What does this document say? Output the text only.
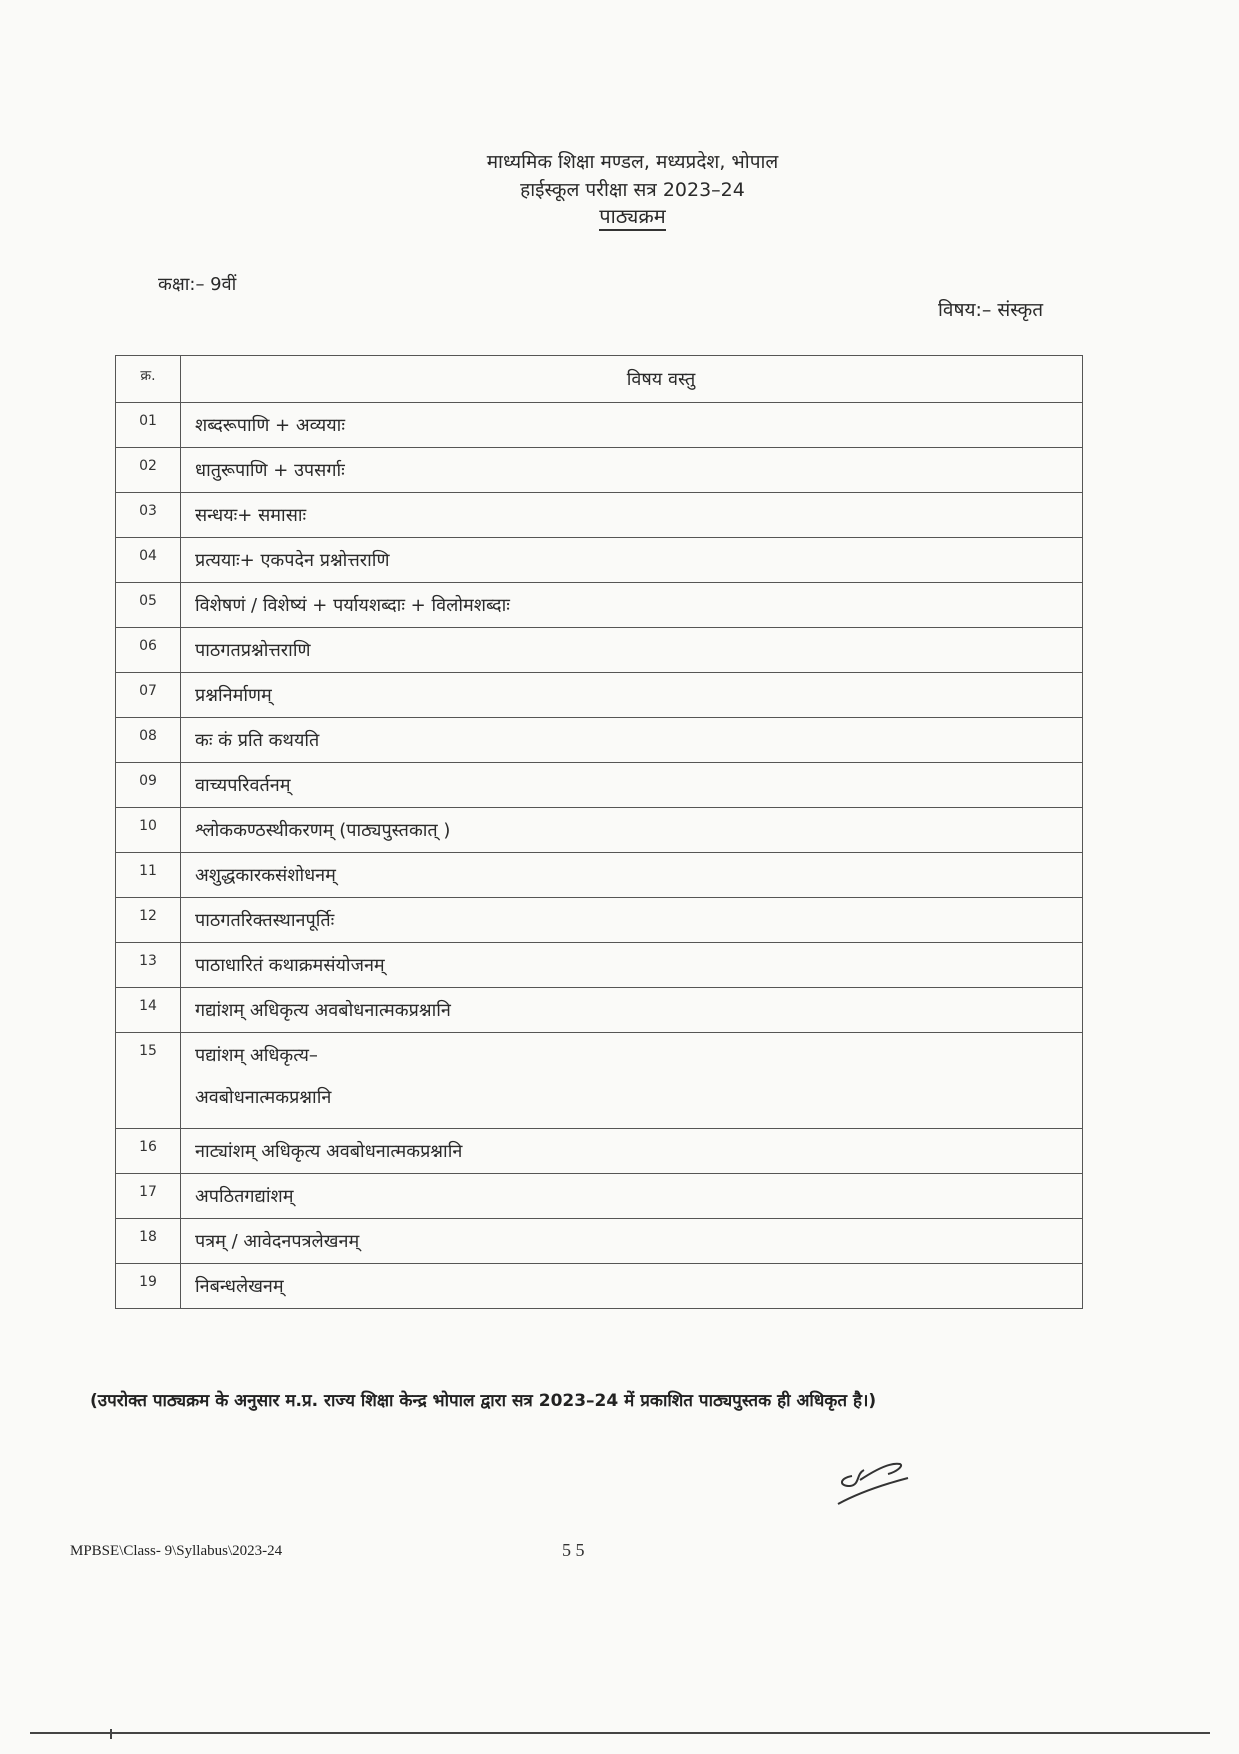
माध्यमिक शिक्षा मण्डल, मध्यप्रदेश, भोपाल
हाईस्कूल परीक्षा सत्र 2023–24
पाठ्यक्रम
कक्षा:– 9वीं
विषय:– संस्कृत
क्र.	विषय वस्तु
01	शब्दरूपाणि + अव्ययाः
02	धातुरूपाणि + उपसर्गाः
03	सन्धयः+ समासाः
04	प्रत्ययाः+ एकपदेन प्रश्नोत्तराणि
05	विशेषणं / विशेष्यं + पर्यायशब्दाः + विलोमशब्दाः
06	पाठगतप्रश्नोत्तराणि
07	प्रश्ननिर्माणम्
08	कः कं प्रति कथयति
09	वाच्यपरिवर्तनम्
10	श्लोककण्ठस्थीकरणम् (पाठ्यपुस्तकात् )
11	अशुद्धकारकसंशोधनम्
12	पाठगतरिक्तस्थानपूर्तिः
13	पाठाधारितं कथाक्रमसंयोजनम्
14	गद्यांशम् अधिकृत्य अवबोधनात्मकप्रश्नानि
15	पद्यांशम् अधिकृत्य–
अवबोधनात्मकप्रश्नानि

16	नाट्यांशम् अधिकृत्य अवबोधनात्मकप्रश्नानि
17	अपठितगद्यांशम्
18	पत्रम् / आवेदनपत्रलेखनम्
19	निबन्धलेखनम्
(उपरोक्त पाठ्यक्रम के अनुसार म.प्र. राज्य शिक्षा केन्द्र भोपाल द्वारा सत्र 2023–24 में प्रकाशित पाठ्यपुस्तक ही अधिकृत है।)
MPBSE\Class- 9\Syllabus\2023-24	5 5
